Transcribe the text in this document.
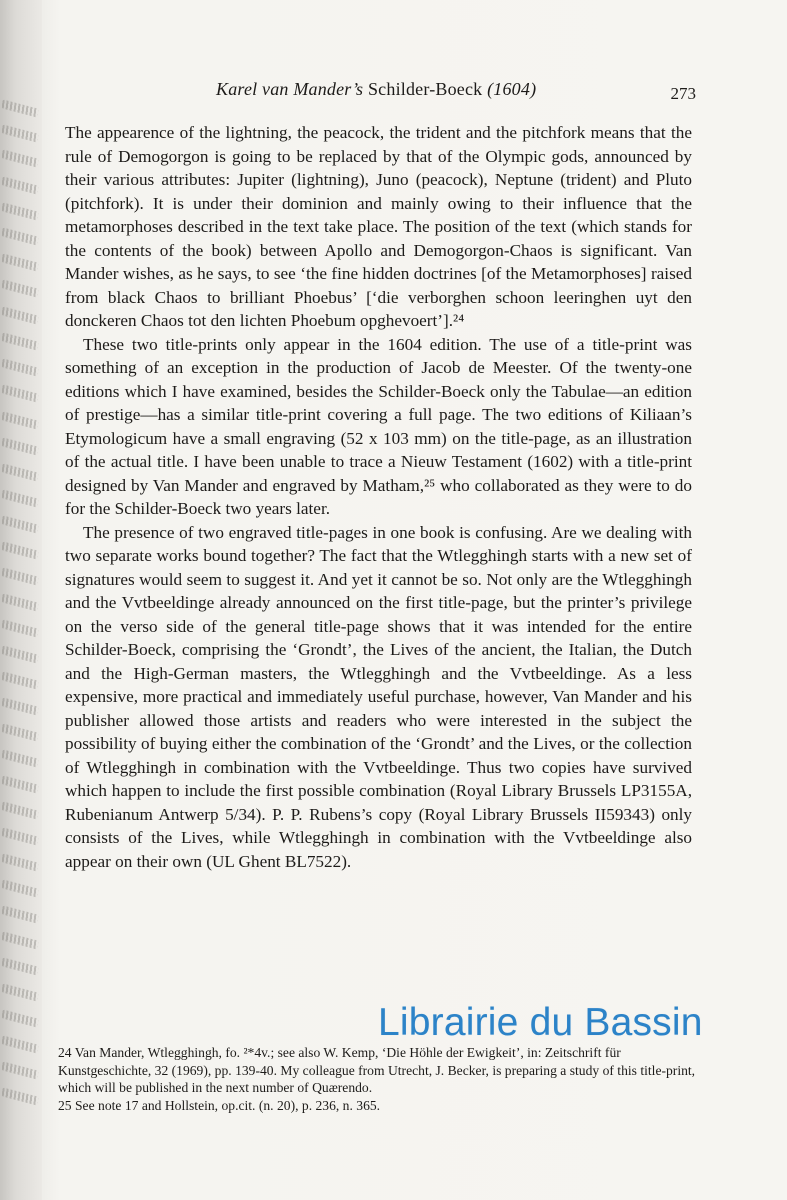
Karel van Mander’s Schilder-Boeck (1604)	273

The appearence of the lightning, the peacock, the trident and the pitchfork means that the rule of Demogorgon is going to be replaced by that of the Olympic gods, announced by their various attributes: Jupiter (lightning), Juno (peacock), Neptune (trident) and Pluto (pitchfork). It is under their dominion and mainly owing to their influence that the metamorphoses described in the text take place. The position of the text (which stands for the contents of the book) between Apollo and Demogorgon-Chaos is significant. Van Mander wishes, as he says, to see ‘the fine hidden doctrines [of the Metamorphoses] raised from black Chaos to brilliant Phoebus’ [‘die verborghen schoon leeringhen uyt den donckeren Chaos tot den lichten Phoebum opghevoert’].²⁴

These two title-prints only appear in the 1604 edition. The use of a title-print was something of an exception in the production of Jacob de Meester. Of the twenty-one editions which I have examined, besides the Schilder-Boeck only the Tabulae—an edition of prestige—has a similar title-print covering a full page. The two editions of Kiliaan’s Etymologicum have a small engraving (52 x 103 mm) on the title-page, as an illustration of the actual title. I have been unable to trace a Nieuw Testament (1602) with a title-print designed by Van Mander and engraved by Matham,²⁵ who collaborated as they were to do for the Schilder-Boeck two years later.

The presence of two engraved title-pages in one book is confusing. Are we dealing with two separate works bound together? The fact that the Wtlegghingh starts with a new set of signatures would seem to suggest it. And yet it cannot be so. Not only are the Wtlegghingh and the Vvtbeeldinge already announced on the first title-page, but the printer’s privilege on the verso side of the general title-page shows that it was intended for the entire Schilder-Boeck, comprising the ‘Grondt’, the Lives of the ancient, the Italian, the Dutch and the High-German masters, the Wtlegghingh and the Vvtbeeldinge. As a less expensive, more practical and immediately useful purchase, however, Van Mander and his publisher allowed those artists and readers who were interested in the subject the possibility of buying either the combination of the ‘Grondt’ and the Lives, or the collection of Wtlegghingh in combination with the Vvtbeeldinge. Thus two copies have survived which happen to include the first possible combination (Royal Library Brussels LP3155A, Rubenianum Antwerp 5/34). P. P. Rubens’s copy (Royal Library Brussels II59343) only consists of the Lives, while Wtlegghingh in combination with the Vvtbeeldinge also appear on their own (UL Ghent BL7522).

24 Van Mander, Wtlegghingh, fo. ²*4v.; see also W. Kemp, ‘Die Höhle der Ewigkeit’, in: Zeitschrift für Kunstgeschichte, 32 (1969), pp. 139-40. My colleague from Utrecht, J. Becker, is preparing a study of this title-print, which will be published in the next number of Quærendo.

25 See note 17 and Hollstein, op.cit. (n. 20), p. 236, n. 365.

Librairie du Bassin
